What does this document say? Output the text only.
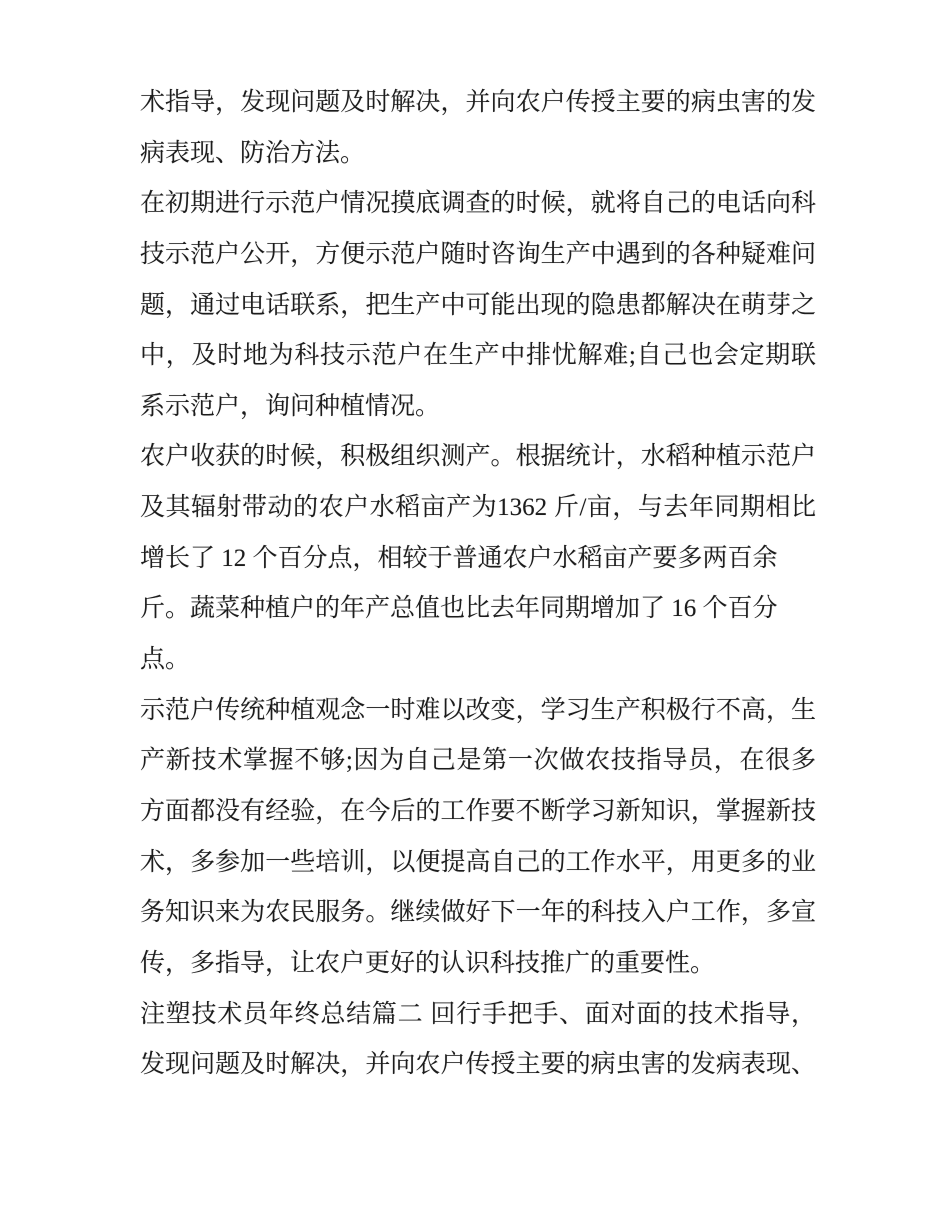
术指导，发现问题及时解决，并向农户传授主要的病虫害的发
病表现、防治方法。
在初期进行示范户情况摸底调查的时候，就将自己的电话向科
技示范户公开，方便示范户随时咨询生产中遇到的各种疑难问
题，通过电话联系，把生产中可能出现的隐患都解决在萌芽之
中，及时地为科技示范户在生产中排忧解难;自己也会定期联
系示范户，询问种植情况。
农户收获的时候，积极组织测产。根据统计，水稻种植示范户
及其辐射带动的农户水稻亩产为1362 斤/亩，与去年同期相比
增长了 12 个百分点，相较于普通农户水稻亩产要多两百余
斤。蔬菜种植户的年产总值也比去年同期增加了 16 个百分
点。
示范户传统种植观念一时难以改变，学习生产积极行不高，生
产新技术掌握不够;因为自己是第一次做农技指导员，在很多
方面都没有经验，在今后的工作要不断学习新知识，掌握新技
术，多参加一些培训，以便提高自己的工作水平，用更多的业
务知识来为农民服务。继续做好下一年的科技入户工作，多宣
传，多指导，让农户更好的认识科技推广的重要性。
注塑技术员年终总结篇二 回行手把手、面对面的技术指导，
发现问题及时解决，并向农户传授主要的病虫害的发病表现、
